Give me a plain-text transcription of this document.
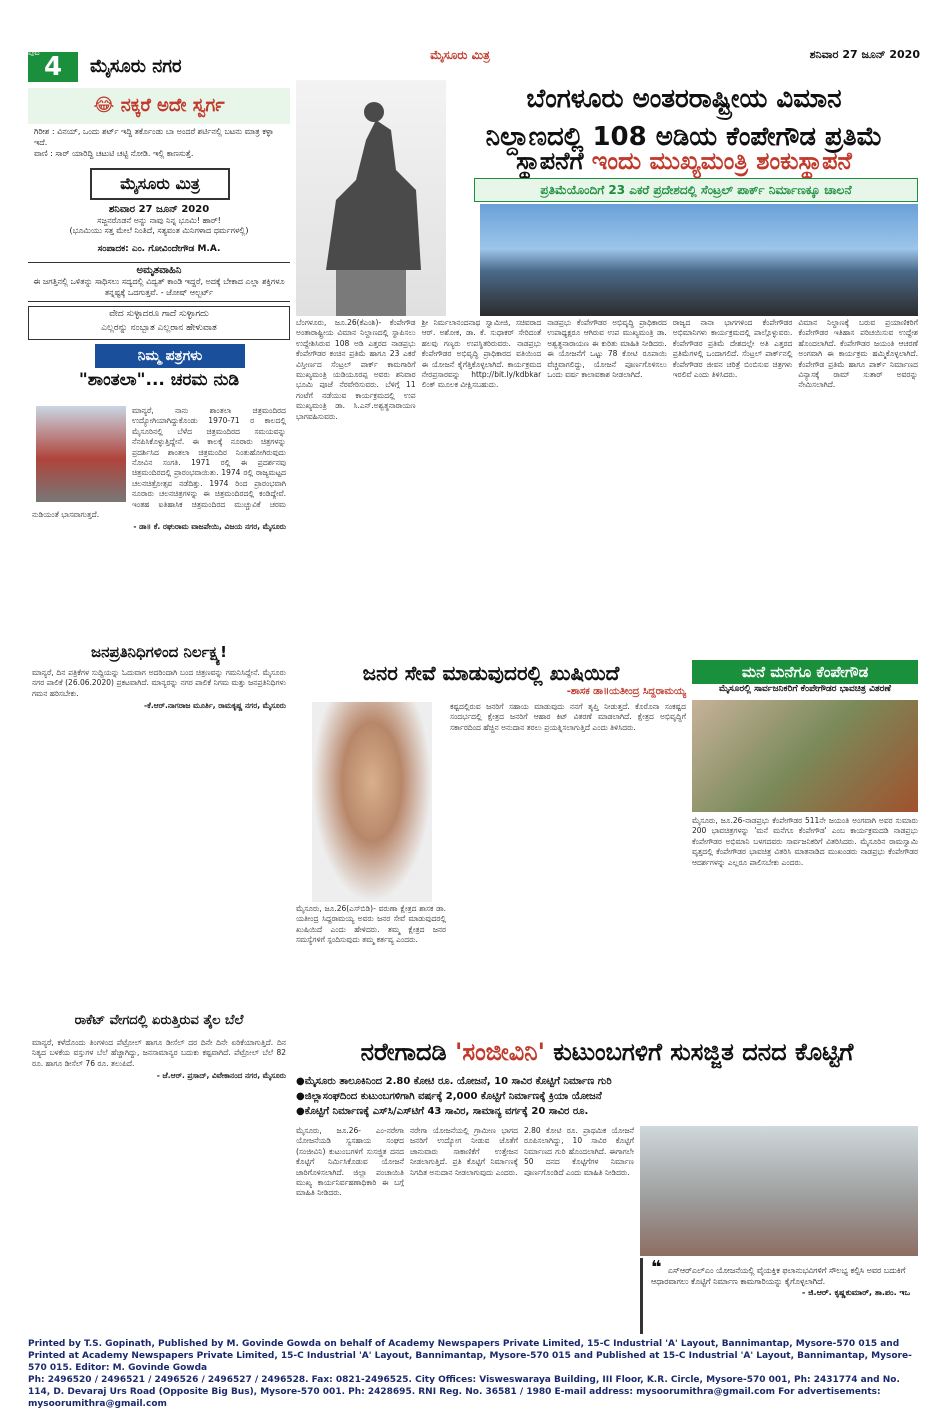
4
ಪುಟ
ಮೈಸೂರು ನಗರ
ಮೈಸೂರು ಮಿತ್ರ	ಶನಿವಾರ 27 ಜೂನ್ 2020
😂 ನಕ್ಕರೆ ಅದೇ ಸ್ವರ್ಗ
ಗಿರೀಶ : ವಿನಯ್, ಒಂದು ಶರ್ಟ್ ಇದ್ದಿ ತರ್ಕೊಂಡು ಬಾ ಅಂದರೆ ಶರ್ಟಿನಲ್ಲಿ ಬಟನು ಮಾತ್ರ ಕಳ್ಳಾ ಇದೆ.
ವಾಣಿ : ಸಾರ್ ಯಾರಿದ್ದಿ ಚಟುಟಿ ಚಟ್ಟಿ ನೋಡಿ. ಇಲ್ಲಿ ಕಾಣಸುತ್ತೆ.
ಮೈಸೂರು ಮಿತ್ರ
ಶನಿವಾರ 27 ಜೂನ್ 2020
ಸಜ್ಜನರೊಡನೆ ಅನ್ನು ನಾವು ನಿನ್ನ ಭೂಮಿ! ಹಾರ್!
(ಭೂಮಿಯು ಸತ್ತ ಮೇಲೆ ನಿಂತಿದೆ, ಸತ್ಯವಂತ ಮಿನಿಗಳಾದ ಧರ್ಮಗಳಲ್ಲಿ)
ಸಂಪಾದಕ: ಎಂ. ಗೋವಿಂದೇಗೌಡ M.A.
ಅಮೃತವಾಹಿನಿ
ಈ ಜಗತ್ತಿನಲ್ಲಿ ಒಳಿತನ್ನು ಸಾಧಿಸಲು ಸದ್ಯದಲ್ಲಿ ವಿದ್ವತ್ ಕಾಂಡಿ ಇದ್ದರೆ, ಅದಕ್ಕೆ ಬೇಕಾದ ಎಲ್ಲಾ ಶಕ್ತಿಗಳೂ ತನ್ನಷ್ಟಕ್ಕೆ ಒದಗುತ್ತವೆ. - ಜೋಷ್ ಆಲ್ಬರ್ಟ್
ವೇದ ಸುಳ್ಳಾದರೂ ಗಾದೆ ಸುಳ್ಳಾಗದು
ಎಲ್ಲರನ್ನು ನಂಬ್ಬಾತ ಎಲ್ಲರಾನ ಹೇಳುವಾತ
ನಿಮ್ಮ ಪತ್ರಗಳು
"ಶಾಂತಲಾ"... ಚರಮ ನುಡಿ
ಮಾನ್ಯರೆ, ನಾನು ಶಾಂತಲಾ ಚಿತ್ರಮಂದಿರದ ಉದ್ಯೋಗಿಯಾಗಿದ್ದುಕೊಂಡು 1970-71 ರ ಕಾಲದಲ್ಲಿ ಮೈಸೂರಿನಲ್ಲಿ ಬೆಳೆದ ಚಿತ್ರಮಂದಿರದ ಸಮಯವನ್ನು ನೆನಪಿಸಿಕೊಳ್ಳುತ್ತಿದ್ದೇನೆ. ಈ ಕಾಲಕ್ಕೆ ನೂರಾರು ಚಿತ್ರಗಳನ್ನು ಪ್ರದರ್ಶಿಸಿದ ಶಾಂತಲಾ ಚಿತ್ರಮಂದಿರ ನಿಂತುಹೋಗಿರುವುದು ನೋವಿನ ಸಂಗತಿ. 1971 ರಲ್ಲಿ ಈ ಪ್ರದರ್ಶನವು ಚಿತ್ರಮಂದಿರದಲ್ಲಿ ಪ್ರಾರಂಭವಾಯಿತು. 1974 ರಲ್ಲಿ ರಾಜ್ಯಮಟ್ಟದ ಚಲನಚಿತ್ರೋತ್ಸವ ನಡೆದಿತ್ತು. 1974 ರಿಂದ ಪ್ರಾರಂಭವಾಗಿ ನೂರಾರು ಚಲನಚಿತ್ರಗಳನ್ನು ಈ ಚಿತ್ರಮಂದಿರದಲ್ಲಿ ಕಂಡಿದ್ದೇವೆ. ಇಂತಹ ಐತಿಹಾಸಿಕ ಚಿತ್ರಮಂದಿರದ ಮುಚ್ಚುವಿಕೆ ಚರಮ ನುಡಿಯಂತೆ ಭಾಸವಾಗುತ್ತದೆ.
- ಡಾ॥ ಕೆ. ರಘುರಾಮ ವಾಜಪೇಯಿ, ವಿಜಯ ನಗರ, ಮೈಸೂರು
ಜನಪ್ರತಿನಿಧಿಗಳಿಂದ ನಿರ್ಲಕ್ಷ್ಯ!
ಮಾನ್ಯರೆ, ದಿನ ಪತ್ರಿಕೆಗಳ ಸುದ್ದಿಯನ್ನು ಓದುವಾಗ ಅದರಿಂದಾಗಿ ಬಂದ ಚಿತ್ರಣವನ್ನು ಗಮನಿಸಿದ್ದೇನೆ. ಮೈಸೂರು ನಗರ ಪಾಲಿಕೆ (26.06.2020) ಪ್ರಕಟವಾಗಿದೆ. ಮಾನ್ಯರನ್ನು ನಗರ ಪಾಲಿಕೆ ನಿಗಮ ಮತ್ತು ಜನಪ್ರತಿನಿಧಿಗಳು ಗಮನ ಹರಿಸಬೇಕು.
-ಕೆ.ಆರ್.ನಾಗರಾಜ ಮೂರ್ತಿ, ರಾಮಕೃಷ್ಣ ನಗರ, ಮೈಸೂರು
ರಾಕೆಟ್ ವೇಗದಲ್ಲಿ ಏರುತ್ತಿರುವ ತೈಲ ಬೆಲೆ
ಮಾನ್ಯರೆ, ಕಳೆದೊಂದು ತಿಂಗಳಿಂದ ಪೆಟ್ರೋಲ್ ಹಾಗೂ ಡೀಸೆಲ್ ದರ ದಿನೇ ದಿನೇ ಏರಿಕೆಯಾಗುತ್ತಿದೆ. ದಿನ ನಿತ್ಯದ ಬಳಕೆಯ ವಸ್ತುಗಳ ಬೆಲೆ ಹೆಚ್ಚಾಗಿದ್ದು, ಜನಸಾಮಾನ್ಯರ ಬದುಕು ಕಷ್ಟವಾಗಿದೆ. ಪೆಟ್ರೋಲ್ ಬೆಲೆ 82 ರೂ. ಹಾಗೂ ಡೀಸೆಲ್ 76 ರೂ. ತಲುಪಿದೆ.
- ಜೆ.ಆರ್. ಪ್ರಸಾದ್, ವಿವೇಕಾನಂದ ನಗರ, ಮೈಸೂರು
ಬೆಂಗಳೂರು ಅಂತರರಾಷ್ಟ್ರೀಯ ವಿಮಾನ
ನಿಲ್ದಾಣದಲ್ಲಿ 108 ಅಡಿಯ ಕೆಂಪೇಗೌಡ ಪ್ರತಿಮೆ
ಸ್ಥಾಪನೆಗೆ ಇಂದು ಮುಖ್ಯಮಂತ್ರಿ ಶಂಕುಸ್ಥಾಪನೆ
ಪ್ರತಿಮೆಯೊಂದಿಗೆ 23 ಎಕರೆ ಪ್ರದೇಶದಲ್ಲಿ ಸೆಂಟ್ರಲ್ ಪಾರ್ಕ್ ನಿರ್ಮಾಣಕ್ಕೂ ಚಾಲನೆ
ಬೆಂಗಳೂರು, ಜೂ.26(ಕೆಎಂಶಿ)- ಕೆಂಪೇಗೌಡ ಅಂತಾರಾಷ್ಟ್ರೀಯ ವಿಮಾನ ನಿಲ್ದಾಣದಲ್ಲಿ ಸ್ಥಾಪಿಸಲು ಉದ್ದೇಶಿಸಿರುವ 108 ಅಡಿ ಎತ್ತರದ ನಾಡಪ್ರಭು ಕೆಂಪೇಗೌಡರ ಕಂಚಿನ ಪ್ರತಿಮೆ ಹಾಗೂ 23 ಎಕರೆ ವಿಸ್ತೀರ್ಣದ ಸೆಂಟ್ರಲ್ ಪಾರ್ಕ್ ಕಾಮಗಾರಿಗೆ ಮುಖ್ಯಮಂತ್ರಿ ಯಡಿಯೂರಪ್ಪ ಅವರು ಶನಿವಾರ ಭೂಮಿ ಪೂಜೆ ನೆರವೇರಿಸುವರು. ಬೆಳಿಗ್ಗೆ 11 ಗಂಟೆಗೆ ನಡೆಯುವ ಕಾರ್ಯಕ್ರಮದಲ್ಲಿ ಉಪ ಮುಖ್ಯಮಂತ್ರಿ ಡಾ. ಸಿ.ಎನ್.ಅಶ್ವತ್ಥನಾರಾಯಣ ಭಾಗವಹಿಸುವರು.
ಶ್ರೀ ನಿರ್ಮಲಾನಂದನಾಥ ಸ್ವಾಮೀಜಿ, ಸಚಿವರಾದ ಆರ್. ಅಶೋಕ, ಡಾ. ಕೆ. ಸುಧಾಕರ್ ಸೇರಿದಂತೆ ಹಲವು ಗಣ್ಯರು ಉಪಸ್ಥಿತರಿರುವರು. ನಾಡಪ್ರಭು ಕೆಂಪೇಗೌಡರ ಅಭಿವೃದ್ಧಿ ಪ್ರಾಧಿಕಾರದ ವತಿಯಿಂದ ಈ ಯೋಜನೆ ಕೈಗೆತ್ತಿಕೊಳ್ಳಲಾಗಿದೆ. ಕಾರ್ಯಕ್ರಮದ ನೇರಪ್ರಸಾರವನ್ನು http://bit.ly/kdbkar ಲಿಂಕ್ ಮೂಲಕ ವೀಕ್ಷಿಸಬಹುದು.
ನಾಡಪ್ರಭು ಕೆಂಪೇಗೌಡರ ಅಭಿವೃದ್ಧಿ ಪ್ರಾಧಿಕಾರದ ಉಪಾಧ್ಯಕ್ಷರೂ ಆಗಿರುವ ಉಪ ಮುಖ್ಯಮಂತ್ರಿ ಡಾ. ಅಶ್ವತ್ಥನಾರಾಯಣ ಈ ಕುರಿತು ಮಾಹಿತಿ ನೀಡಿದರು. ಈ ಯೋಜನೆಗೆ ಒಟ್ಟು 78 ಕೋಟಿ ರೂಪಾಯಿ ವೆಚ್ಚವಾಗಲಿದ್ದು, ಯೋಜನೆ ಪೂರ್ಣಗೊಳಿಸಲು ಒಂದು ವರ್ಷ ಕಾಲಾವಕಾಶ ನೀಡಲಾಗಿದೆ.
ರಾಜ್ಯದ ನಾನಾ ಭಾಗಗಳಿಂದ ಕೆಂಪೇಗೌಡರ ಅಭಿಮಾನಿಗಳು ಕಾರ್ಯಕ್ರಮದಲ್ಲಿ ಪಾಲ್ಗೊಳ್ಳುವರು. ಕೆಂಪೇಗೌಡರ ಪ್ರತಿಮೆ ದೇಶದಲ್ಲೇ ಅತಿ ಎತ್ತರದ ಪ್ರತಿಮೆಗಳಲ್ಲಿ ಒಂದಾಗಲಿದೆ. ಸೆಂಟ್ರಲ್ ಪಾರ್ಕ್‌ನಲ್ಲಿ ಕೆಂಪೇಗೌಡರ ಜೀವನ ಚರಿತ್ರೆ ಬಿಂಬಿಸುವ ಚಿತ್ರಗಳು ಇರಲಿವೆ ಎಂದು ತಿಳಿಸಿದರು.
ವಿಮಾನ ನಿಲ್ದಾಣಕ್ಕೆ ಬರುವ ಪ್ರಯಾಣಿಕರಿಗೆ ಕೆಂಪೇಗೌಡರ ಇತಿಹಾಸ ಪರಿಚಯಿಸುವ ಉದ್ದೇಶ ಹೊಂದಲಾಗಿದೆ. ಕೆಂಪೇಗೌಡರ ಜಯಂತಿ ಆಚರಣೆ ಅಂಗವಾಗಿ ಈ ಕಾರ್ಯಕ್ರಮ ಹಮ್ಮಿಕೊಳ್ಳಲಾಗಿದೆ. ಕೆಂಪೇಗೌಡ ಪ್ರತಿಮೆ ಹಾಗೂ ಪಾರ್ಕ್ ನಿರ್ಮಾಣದ ವಿನ್ಯಾಸಕ್ಕೆ ರಾಮ್ ಸುತಾರ್ ಅವರನ್ನು ನೇಮಿಸಲಾಗಿದೆ.
ಜನರ ಸೇವೆ ಮಾಡುವುದರಲ್ಲಿ ಖುಷಿಯಿದೆ
-ಶಾಸಕ ಡಾ॥ಯತೀಂದ್ರ ಸಿದ್ದರಾಮಯ್ಯ
ಮೈಸೂರು, ಜೂ.26(ಎಸ್‌ಬಿಡಿ)- ವರುಣಾ ಕ್ಷೇತ್ರದ ಶಾಸಕ ಡಾ. ಯತೀಂದ್ರ ಸಿದ್ದರಾಮಯ್ಯ ಅವರು ಜನರ ಸೇವೆ ಮಾಡುವುದರಲ್ಲಿ ಖುಷಿಯಿದೆ ಎಂದು ಹೇಳಿದರು. ತಮ್ಮ ಕ್ಷೇತ್ರದ ಜನರ ಸಮಸ್ಯೆಗಳಿಗೆ ಸ್ಪಂದಿಸುವುದು ತಮ್ಮ ಕರ್ತವ್ಯ ಎಂದರು.
ಕಷ್ಟದಲ್ಲಿರುವ ಜನರಿಗೆ ಸಹಾಯ ಮಾಡುವುದು ನನಗೆ ತೃಪ್ತಿ ನೀಡುತ್ತದೆ. ಕೊರೊನಾ ಸಂಕಷ್ಟದ ಸಂದರ್ಭದಲ್ಲಿ ಕ್ಷೇತ್ರದ ಜನರಿಗೆ ಆಹಾರ ಕಿಟ್ ವಿತರಣೆ ಮಾಡಲಾಗಿದೆ. ಕ್ಷೇತ್ರದ ಅಭಿವೃದ್ಧಿಗೆ ಸರ್ಕಾರದಿಂದ ಹೆಚ್ಚಿನ ಅನುದಾನ ತರಲು ಪ್ರಯತ್ನಿಸಲಾಗುತ್ತಿದೆ ಎಂದು ತಿಳಿಸಿದರು.
ಮನೆ ಮನೆಗೂ ಕೆಂಪೇಗೌಡ
ಮೈಸೂರಲ್ಲಿ ಸಾರ್ವಜನಿಕರಿಗೆ ಕೆಂಪೇಗೌಡರ ಭಾವಚಿತ್ರ ವಿತರಣೆ
ಮೈಸೂರು, ಜೂ.26-ನಾಡಪ್ರಭು ಕೆಂಪೇಗೌಡರ 511ನೇ ಜಯಂತಿ ಅಂಗವಾಗಿ ಅವರ ಸುಮಾರು 200 ಭಾವಚಿತ್ರಗಳನ್ನು 'ಮನೆ ಮನೆಗೂ ಕೆಂಪೇಗೌಡ' ಎಂಬ ಕಾರ್ಯಕ್ರಮದಡಿ ನಾಡಪ್ರಭು ಕೆಂಪೇಗೌಡರ ಅಭಿಮಾನಿ ಬಳಗದವರು ಸಾರ್ವಜನಿಕರಿಗೆ ವಿತರಿಸಿದರು. ಮೈಸೂರಿನ ರಾಮಸ್ವಾಮಿ ವೃತ್ತದಲ್ಲಿ ಕೆಂಪೇಗೌಡರ ಭಾವಚಿತ್ರ ವಿತರಿಸಿ ಮಾತನಾಡಿದ ಮುಖಂಡರು ನಾಡಪ್ರಭು ಕೆಂಪೇಗೌಡರ ಆದರ್ಶಗಳನ್ನು ಎಲ್ಲರೂ ಪಾಲಿಸಬೇಕು ಎಂದರು.
ನರೇಗಾದಡಿ 'ಸಂಜೀವಿನಿ' ಕುಟುಂಬಗಳಿಗೆ ಸುಸಜ್ಜಿತ ದನದ ಕೊಟ್ಟಿಗೆ
●ಮೈಸೂರು ತಾಲೂಕಿನಿಂದ 2.80 ಕೋಟಿ ರೂ. ಯೋಜನೆ, 10 ಸಾವಿರ ಕೊಟ್ಟಿಗೆ ನಿರ್ಮಾಣ ಗುರಿ
●ಜಿಲ್ಲಾಸಂಘದಿಂದ ಕುಟುಂಬಗಳಿಗಾಗಿ ವರ್ಷಕ್ಕೆ 2,000 ಕೊಟ್ಟಿಗೆ ನಿರ್ಮಾಣಕ್ಕೆ ಕ್ರಿಯಾ ಯೋಜನೆ
●ಕೊಟ್ಟಿಗೆ ನಿರ್ಮಾಣಕ್ಕೆ ಎಸ್‌ಸಿ/ಎಸ್‌ಟಿಗೆ 43 ಸಾವಿರ, ಸಾಮಾನ್ಯ ವರ್ಗಕ್ಕೆ 20 ಸಾವಿರ ರೂ.
ಮೈಸೂರು, ಜೂ.26- ಎಂ-ನರೇಗಾ ಯೋಜನೆಯಡಿ ಸ್ವಸಹಾಯ ಸಂಘದ (ಸಂಜೀವಿನಿ) ಕುಟುಂಬಗಳಿಗೆ ಸುಸಜ್ಜಿತ ದನದ ಕೊಟ್ಟಿಗೆ ನಿರ್ಮಿಸಿಕೊಡುವ ಯೋಜನೆ ಜಾರಿಗೊಳಿಸಲಾಗಿದೆ. ಜಿಲ್ಲಾ ಪಂಚಾಯಿತಿ ಮುಖ್ಯ ಕಾರ್ಯನಿರ್ವಹಣಾಧಿಕಾರಿ ಈ ಬಗ್ಗೆ ಮಾಹಿತಿ ನೀಡಿದರು.
ನರೇಗಾ ಯೋಜನೆಯಲ್ಲಿ ಗ್ರಾಮೀಣ ಭಾಗದ ಜನರಿಗೆ ಉದ್ಯೋಗ ನೀಡುವ ಜೊತೆಗೆ ಜಾನುವಾರು ಸಾಕಾಣಿಕೆಗೆ ಉತ್ತೇಜನ ನೀಡಲಾಗುತ್ತಿದೆ. ಪ್ರತಿ ಕೊಟ್ಟಿಗೆ ನಿರ್ಮಾಣಕ್ಕೆ ನಿಗದಿತ ಅನುದಾನ ನೀಡಲಾಗುವುದು ಎಂದರು.
2.80 ಕೋಟಿ ರೂ. ಪ್ರಾಥಮಿಕ ಯೋಜನೆ ರೂಪಿಸಲಾಗಿದ್ದು, 10 ಸಾವಿರ ಕೊಟ್ಟಿಗೆ ನಿರ್ಮಾಣದ ಗುರಿ ಹೊಂದಲಾಗಿದೆ. ಈಗಾಗಲೇ 50 ದನದ ಕೊಟ್ಟಿಗೆಗಳ ನಿರ್ಮಾಣ ಪೂರ್ಣಗೊಂಡಿದೆ ಎಂದು ಮಾಹಿತಿ ನೀಡಿದರು.
❝ ಎಸ್‌ಆರ್‌ಎಲ್‌ಎಂ ಯೋಜನೆಯಲ್ಲಿ ವೈಯಕ್ತಿಕ ಫಲಾನುಭವಿಗಳಿಗೆ ಸೌಲಭ್ಯ ಕಲ್ಪಿಸಿ ಅವರ ಬದುಕಿಗೆ ಆಧಾರವಾಗಲು ಕೊಟ್ಟಿಗೆ ನಿರ್ಮಾಣ ಕಾಮಗಾರಿಯನ್ನು ಕೈಗೊಳ್ಳಲಾಗಿದೆ.
- ಜಿ.ಆರ್. ಕೃಷ್ಣಕುಮಾರ್, ತಾ.ಪಂ. ಇಒ
Printed by T.S. Gopinath, Published by M. Govinde Gowda on behalf of Academy Newspapers Private Limited, 15-C Industrial 'A' Layout, Bannimantap, Mysore-570 015 and Printed at Academy Newspapers Private Limited, 15-C Industrial 'A' Layout, Bannimantap, Mysore-570 015 and Published at 15-C Industrial 'A' Layout, Bannimantap, Mysore-570 015. Editor: M. Govinde Gowda
Ph: 2496520 / 2496521 / 2496526 / 2496527 / 2496528. Fax: 0821-2496525. City Offices: Visweswaraya Building, III Floor, K.R. Circle, Mysore-570 001, Ph: 2431774 and No. 114, D. Devaraj Urs Road (Opposite Big Bus), Mysore-570 001. Ph: 2428695. RNI Reg. No. 36581 / 1980 E-mail address: mysoorumithra@gmail.com For advertisements: mysoorumithra@gmail.com
